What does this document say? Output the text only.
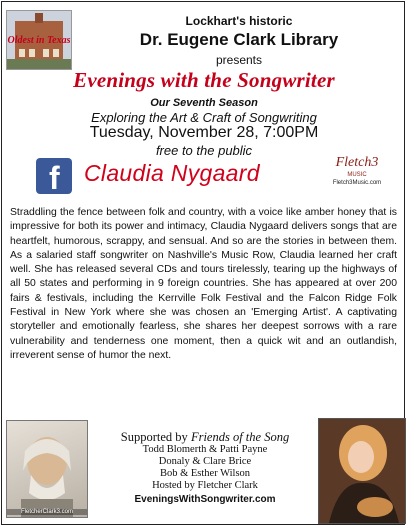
Oldest in Texas
Lockhart's historic
Dr. Eugene Clark Library
presents
Evenings with the Songwriter
Our Seventh Season
Exploring the Art & Craft of Songwriting
Tuesday, November 28, 7:00PM
free to the public
f Claudia Nygaard	Fletch3
MUSIC
Fletch3Music.com
Straddling the fence between folk and country, with a voice like amber honey that is impressive for both its power and intimacy, Claudia Nygaard delivers songs that are heartfelt, humorous, scrappy, and sensual. And so are the stories in between them. As a salaried staff songwriter on Nashville's Music Row, Claudia learned her craft well. She has released several CDs and tours tirelessly, tearing up the highways of all 50 states and performing in 9 foreign countries. She has appeared at over 200 fairs & festivals, including the Kerrville Folk Festival and the Falcon Ridge Folk Festival in New York where she was chosen an 'Emerging Artist'. A captivating storyteller and emotionally fearless, she shares her deepest sorrows with a rare vulnerability and tenderness one moment, then a quick wit and an outlandish, irreverent sense of humor the next.
FletcherClark3.com
Supported by Friends of the Song
Todd Blomerth & Patti Payne
Donaly & Clare Brice
Bob & Esther Wilson
Hosted by Fletcher Clark
EveningsWithSongwriter.com
